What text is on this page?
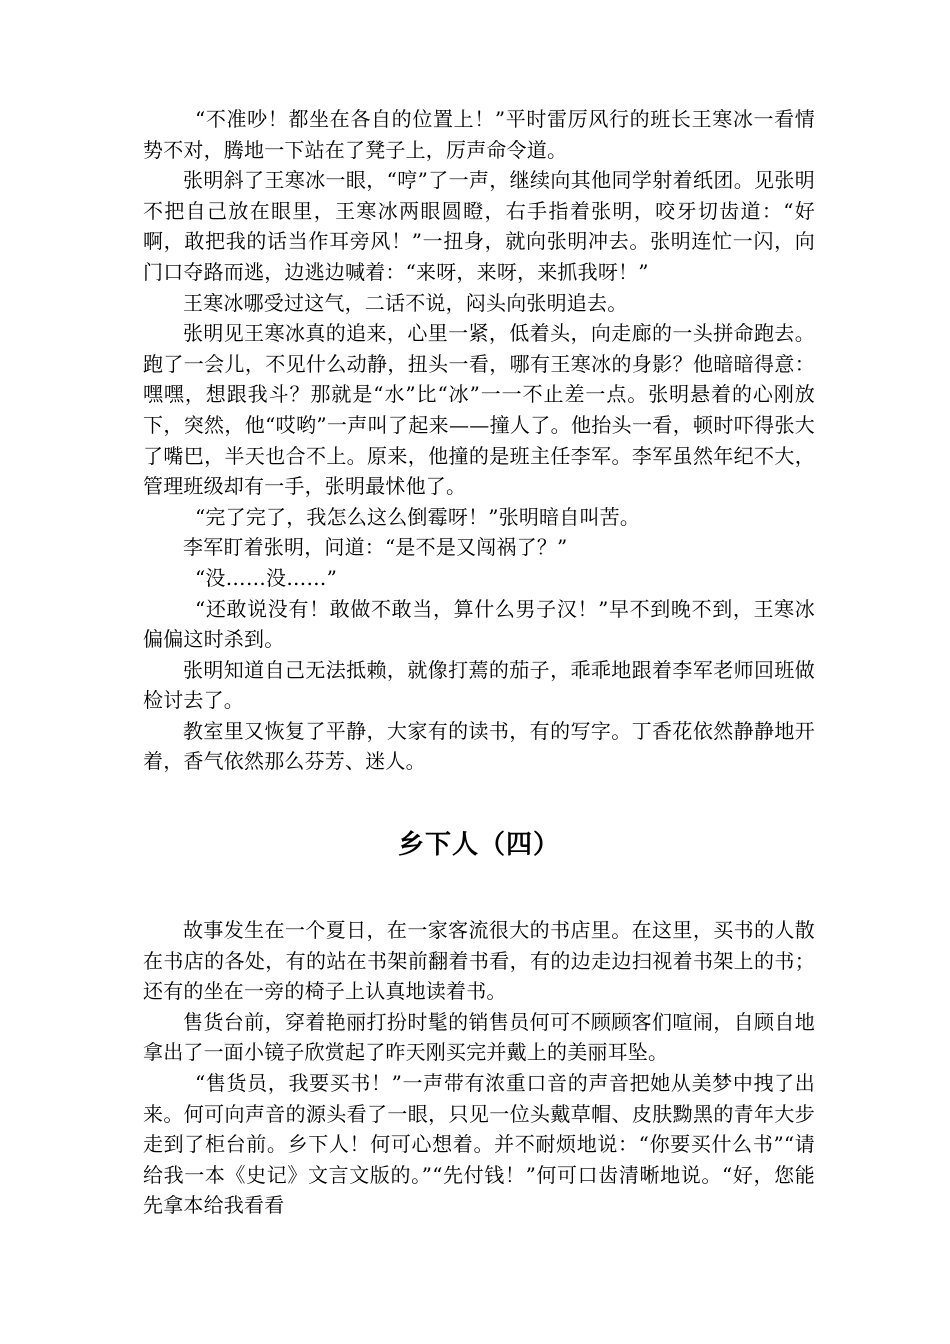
“不准吵！都坐在各自的位置上！”平时雷厉风行的班长王寒冰一看情势不对，腾地一下站在了凳子上，厉声命令道。

张明斜了王寒冰一眼，“哼”了一声，继续向其他同学射着纸团。见张明不把自己放在眼里，王寒冰两眼圆瞪，右手指着张明，咬牙切齿道：“好啊，敢把我的话当作耳旁风！”一扭身，就向张明冲去。张明连忙一闪，向门口夺路而逃，边逃边喊着：“来呀，来呀，来抓我呀！”

王寒冰哪受过这气，二话不说，闷头向张明追去。

张明见王寒冰真的追来，心里一紧，低着头，向走廊的一头拼命跑去。跑了一会儿，不见什么动静，扭头一看，哪有王寒冰的身影？他暗暗得意：嘿嘿，想跟我斗？那就是“水”比“冰”一一不止差一点。张明悬着的心刚放下，突然，他“哎哟”一声叫了起来——撞人了。他抬头一看，顿时吓得张大了嘴巴，半天也合不上。原来，他撞的是班主任李军。李军虽然年纪不大，管理班级却有一手，张明最怵他了。

“完了完了，我怎么这么倒霉呀！”张明暗自叫苦。

李军盯着张明，问道：“是不是又闯祸了？”

“没……没……”

“还敢说没有！敢做不敢当，算什么男子汉！”早不到晚不到，王寒冰偏偏这时杀到。

张明知道自己无法抵赖，就像打蔫的茄子，乖乖地跟着李军老师回班做检讨去了。

教室里又恢复了平静，大家有的读书，有的写字。丁香花依然静静地开着，香气依然那么芬芳、迷人。

乡下人（四）

故事发生在一个夏日，在一家客流很大的书店里。在这里，买书的人散在书店的各处，有的站在书架前翻着书看，有的边走边扫视着书架上的书；还有的坐在一旁的椅子上认真地读着书。

售货台前，穿着艳丽打扮时髦的销售员何可不顾顾客们喧闹，自顾自地拿出了一面小镜子欣赏起了昨天刚买完并戴上的美丽耳坠。

“售货员，我要买书！”一声带有浓重口音的声音把她从美梦中拽了出来。何可向声音的源头看了一眼，只见一位头戴草帽、皮肤黝黑的青年大步走到了柜台前。乡下人！何可心想着。并不耐烦地说：“你要买什么书”“请给我一本《史记》文言文版的。”“先付钱！”何可口齿清晰地说。“好，您能先拿本给我看看
